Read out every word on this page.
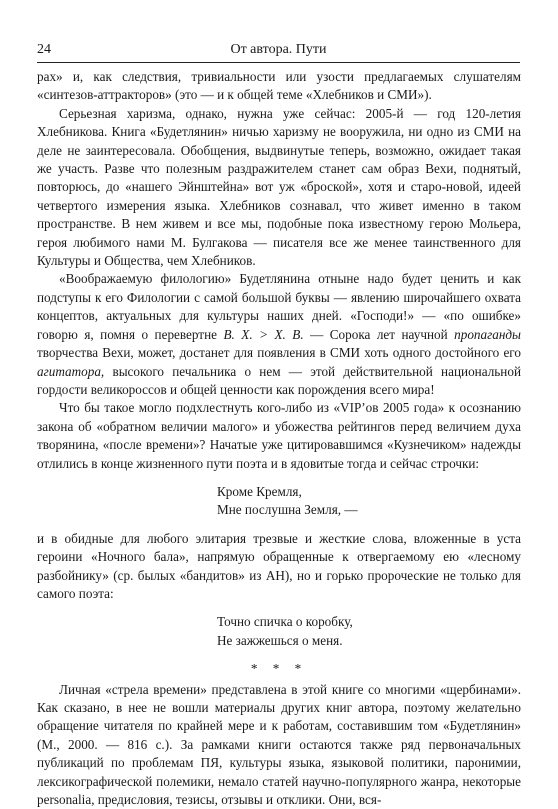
24	От автора. Пути

рах» и, как следствия, тривиальности или узости предлагаемых слушателям «синтезов-аттракторов» (это — и к общей теме «Хлебников и СМИ»).

Серьезная харизма, однако, нужна уже сейчас: 2005-й — год 120-летия Хлебникова. Книга «Будетлянин» ничью харизму не вооружила, ни одно из СМИ на деле не заинтересовала. Обобщения, выдвинутые теперь, возможно, ожидает такая же участь. Разве что полезным раздражителем станет сам образ Вехи, поднятый, повторюсь, до «нашего Эйнштейна» вот уж «броской», хотя и старо-новой, идеей четвертого измерения языка. Хлебников сознавал, что живет именно в таком пространстве. В нем живем и все мы, подобные пока известному герою Мольера, героя любимого нами М. Булгакова — писателя все же менее таинственного для Культуры и Общества, чем Хлебников.

«Воображаемую филологию» Будетлянина отныне надо будет ценить и как подступы к его Филологии с самой большой буквы — явлению широчайшего охвата концептов, актуальных для культуры наших дней. «Господи!» — «по ошибке» говорю я, помня о перевертне В. Х. > Х. В. — Сорока лет научной пропаганды творчества Вехи, может, достанет для появления в СМИ хоть одного достойного его агитатора, высокого печальника о нем — этой действительной национальной гордости великороссов и общей ценности как порождения всего мира!

Что бы такое могло подхлестнуть кого-либо из «VIP’ов 2005 года» к осознанию закона об «обратном величии малого» и убожества рейтингов перед величием духа творянина, «после времени»? Начатые уже цитировавшимся «Кузнечиком» надежды отлились в конце жизненного пути поэта и в ядовитые тогда и сейчас строчки:

Кроме Кремля,
Мне послушна Земля, —

и в обидные для любого элитария трезвые и жесткие слова, вложенные в уста героини «Ночного бала», напрямую обращенные к отвергаемому ею «лесному разбойнику» (ср. былых «бандитов» из АН), но и горько пророческие не только для самого поэта:

Точно спичка о коробку,
Не зажжешься о меня.
* * *

Личная «стрела времени» представлена в этой книге со многими «щербинами». Как сказано, в нее не вошли материалы других книг автора, поэтому желательно обращение читателя по крайней мере и к работам, составившим том «Будетлянин» (М., 2000. — 816 с.). За рамками книги остаются также ряд первоначальных публикаций по проблемам ПЯ, культуры языка, языковой политики, паронимии, лексикографической полемики, немало статей научно-популярного жанра, некоторые personalia, предисловия, тезисы, отзывы и отклики. Они, вся-
